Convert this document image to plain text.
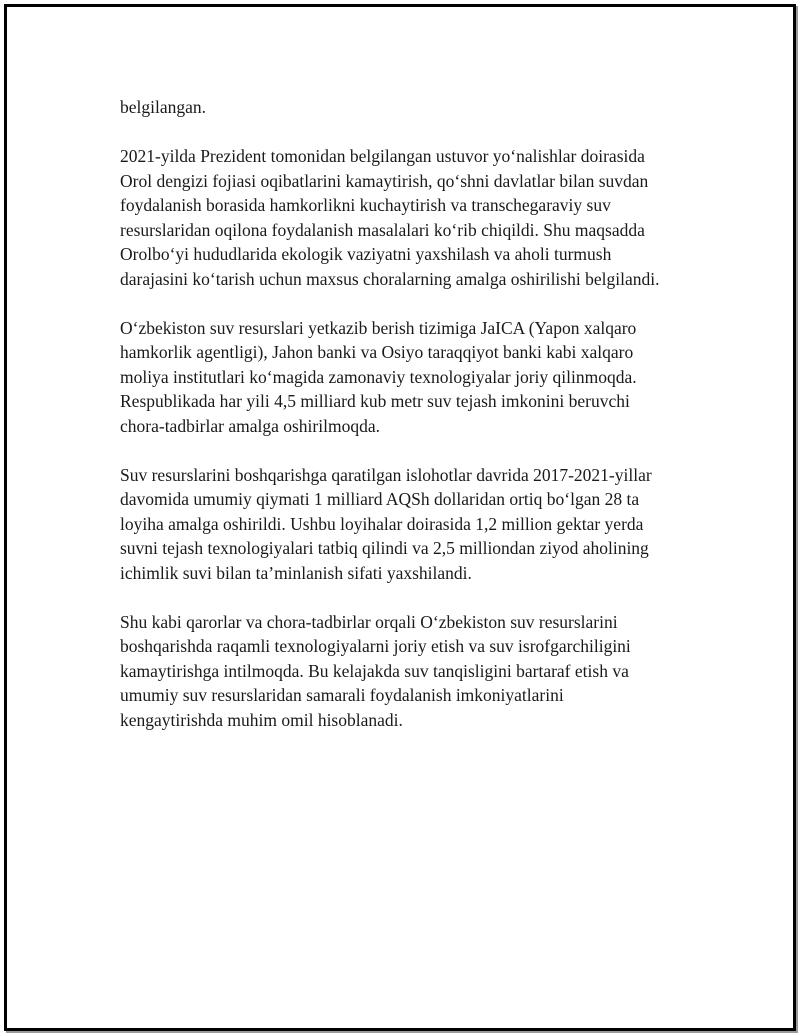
belgilangan.

2021-yilda Prezident tomonidan belgilangan ustuvor yo‘nalishlar doirasida
Orol dengizi fojiasi oqibatlarini kamaytirish, qo‘shni davlatlar bilan suvdan
foydalanish borasida hamkorlikni kuchaytirish va transchegaraviy suv
resurslaridan oqilona foydalanish masalalari ko‘rib chiqildi. Shu maqsadda
Orolbo‘yi hududlarida ekologik vaziyatni yaxshilash va aholi turmush
darajasini ko‘tarish uchun maxsus choralarning amalga oshirilishi belgilandi.

O‘zbekiston suv resurslari yetkazib berish tizimiga JaICA (Yapon xalqaro
hamkorlik agentligi), Jahon banki va Osiyo taraqqiyot banki kabi xalqaro
moliya institutlari ko‘magida zamonaviy texnologiyalar joriy qilinmoqda.
Respublikada har yili 4,5 milliard kub metr suv tejash imkonini beruvchi
chora-tadbirlar amalga oshirilmoqda.

Suv resurslarini boshqarishga qaratilgan islohotlar davrida 2017-2021-yillar
davomida umumiy qiymati 1 milliard AQSh dollaridan ortiq bo‘lgan 28 ta
loyiha amalga oshirildi. Ushbu loyihalar doirasida 1,2 million gektar yerda
suvni tejash texnologiyalari tatbiq qilindi va 2,5 milliondan ziyod aholining
ichimlik suvi bilan ta’minlanish sifati yaxshilandi.

Shu kabi qarorlar va chora-tadbirlar orqali O‘zbekiston suv resurslarini
boshqarishda raqamli texnologiyalarni joriy etish va suv isrofgarchiligini
kamaytirishga intilmoqda. Bu kelajakda suv tanqisligini bartaraf etish va
umumiy suv resurslaridan samarali foydalanish imkoniyatlarini
kengaytirishda muhim omil hisoblanadi.
